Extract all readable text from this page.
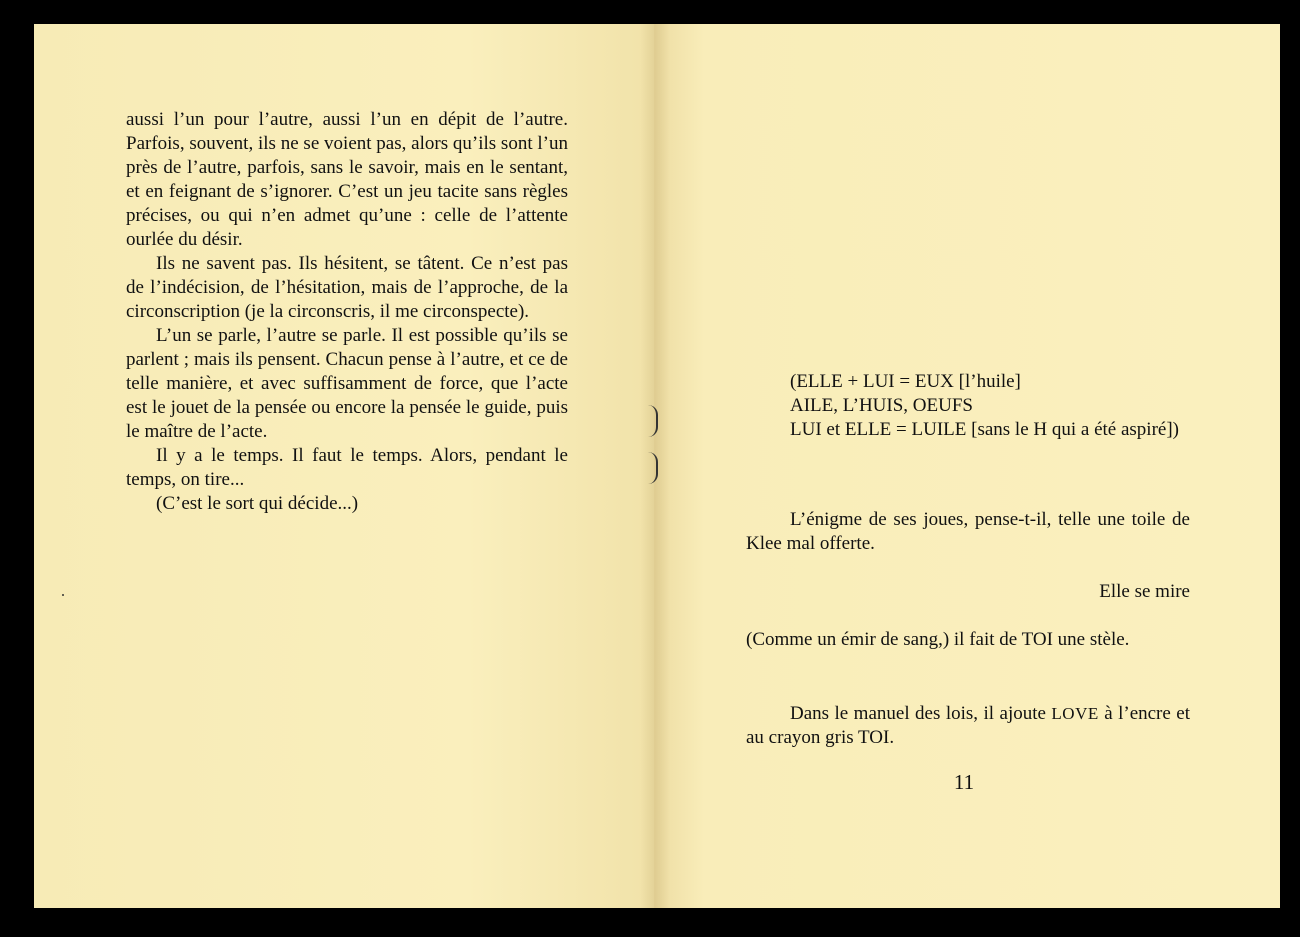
aussi l’un pour l’autre, aussi l’un en dépit de l’autre. Parfois, souvent, ils ne se voient pas, alors qu’ils sont l’un près de l’autre, parfois, sans le savoir, mais en le sentant, et en feignant de s’ignorer. C’est un jeu tacite sans règles précises, ou qui n’en admet qu’une : celle de l’attente ourlée du désir.

Ils ne savent pas. Ils hésitent, se tâtent. Ce n’est pas de l’indécision, de l’hésitation, mais de l’approche, de la circonscription (je la circonscris, il me circonspecte).

L’un se parle, l’autre se parle. Il est possible qu’ils se parlent ; mais ils pensent. Chacun pense à l’autre, et ce de telle manière, et avec suffisamment de force, que l’acte est le jouet de la pensée ou encore la pensée le guide, puis le maître de l’acte.

Il y a le temps. Il faut le temps. Alors, pendant le temps, on tire...

(C’est le sort qui décide...)

(ELLE + LUI = EUX [l’huile]
AILE, L’HUIS, OEUFS
LUI et ELLE = LUILE [sans le H qui a été aspiré])
L’énigme de ses joues, pense-t-il, telle une toile de Klee mal offerte.
Elle se mire
(Comme un émir de sang,) il fait de TOI une stèle.
Dans le manuel des lois, il ajoute LOVE à l’encre et au crayon gris TOI.
11
